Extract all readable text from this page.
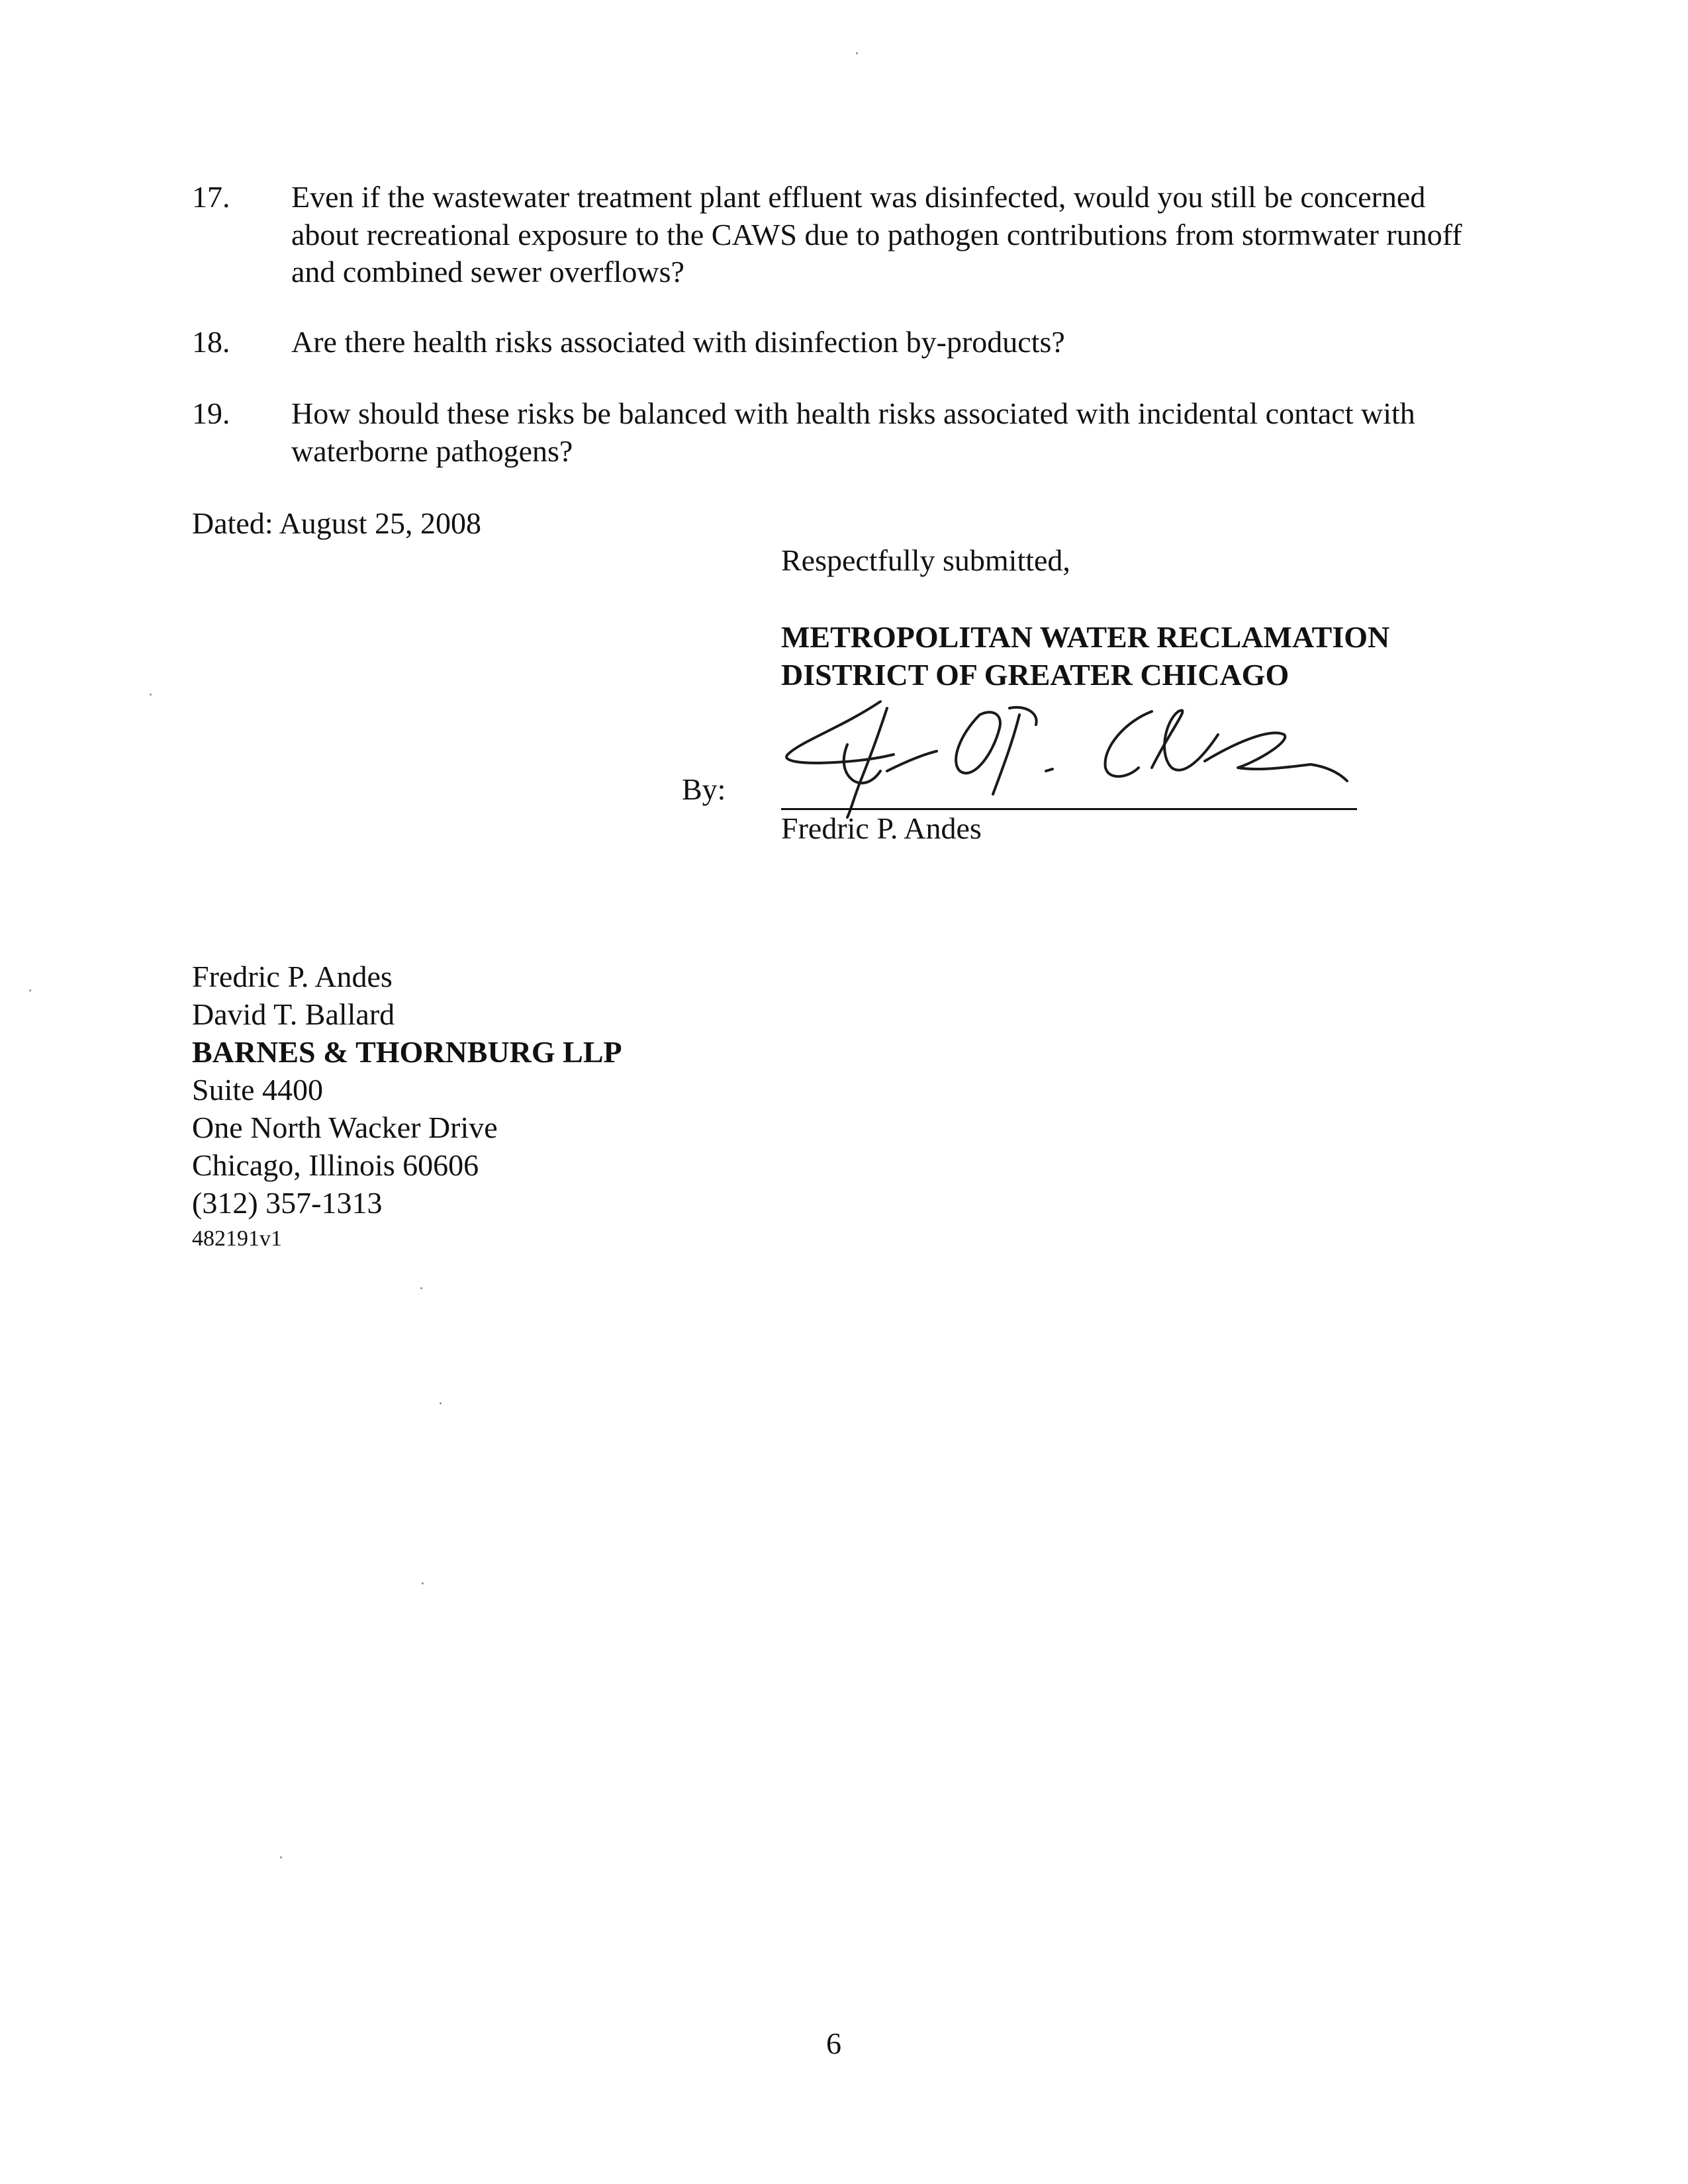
17. Even if the wastewater treatment plant effluent was disinfected, would you still be concerned about recreational exposure to the CAWS due to pathogen contributions from stormwater runoff and combined sewer overflows?
18. Are there health risks associated with disinfection by-products?
19. How should these risks be balanced with health risks associated with incidental contact with waterborne pathogens?
Dated: August 25, 2008
Respectfully submitted,
METROPOLITAN WATER RECLAMATION
DISTRICT OF GREATER CHICAGO
By:
Fredric P. Andes
Fredric P. Andes
David T. Ballard
BARNES & THORNBURG LLP
Suite 4400
One North Wacker Drive
Chicago, Illinois 60606
(312) 357-1313
482191v1
6
